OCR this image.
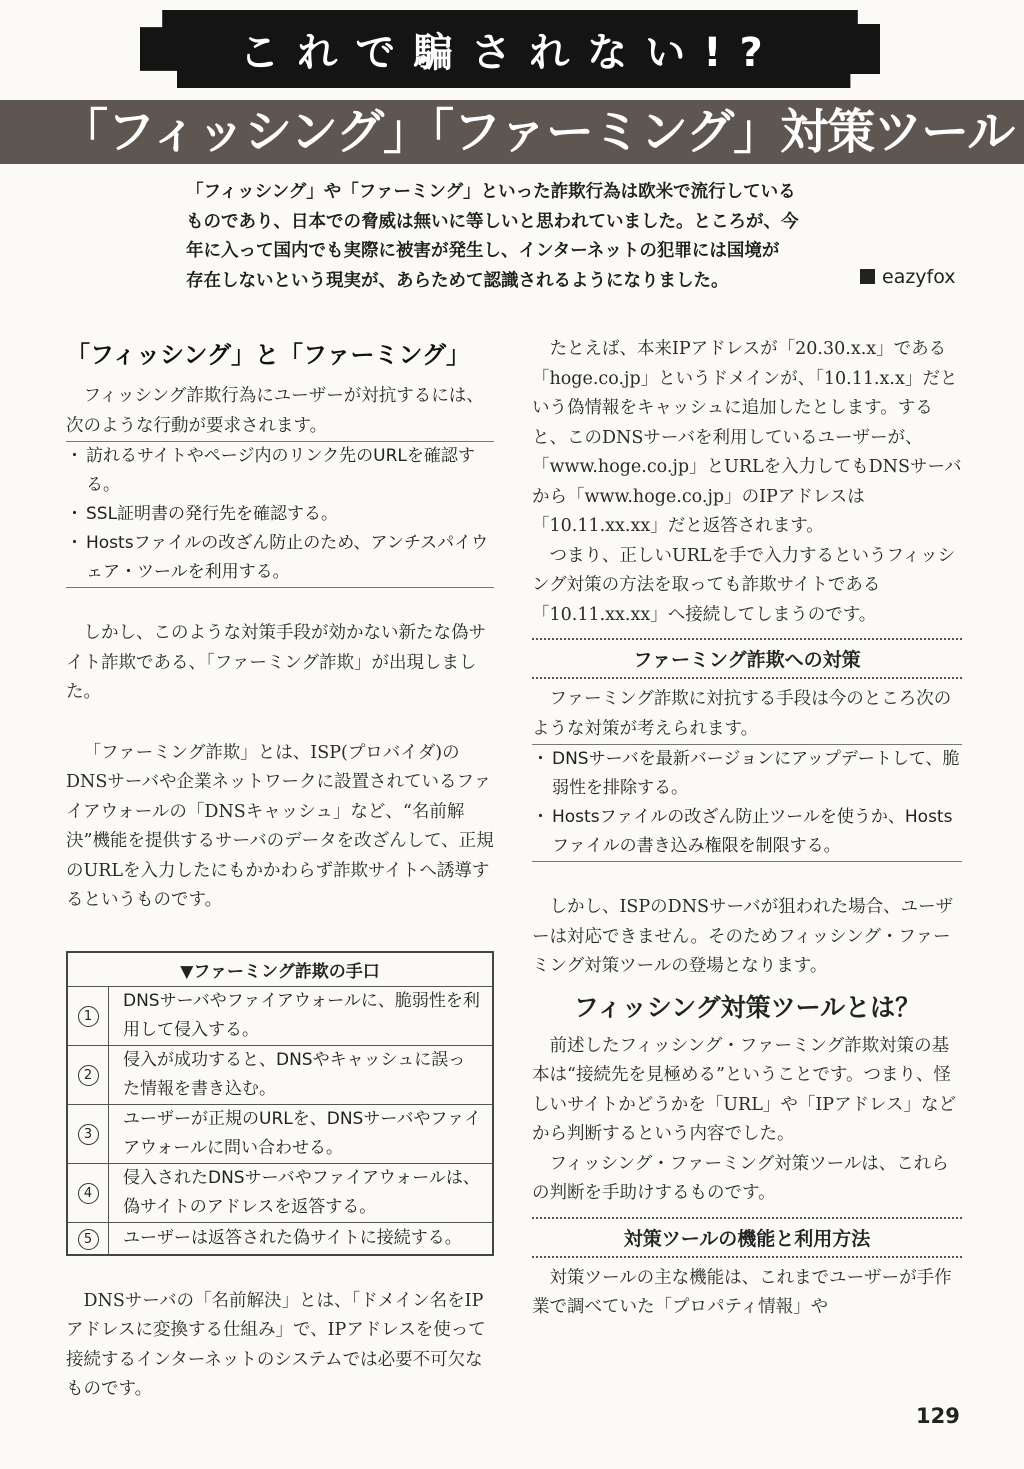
これで騙されない!?
「フィッシング」「ファーミング」対策ツール

「フィッシング」や「ファーミング」といった詐欺行為は欧米で流行している

ものであり、日本での脅威は無いに等しいと思われていました。ところが、今

年に入って国内でも実際に被害が発生し、インターネットの犯罪には国境が

存在しないという現実が、あらためて認識されるようになりました。	eazyfox
「フィッシング」と「ファーミング」

フィッシング詐欺行為にユーザーが対抗するには、次のような行動が要求されます。

・ 訪れるサイトやページ内のリンク先のURLを確認する。
・ SSL証明書の発行先を確認する。
・ Hostsファイルの改ざん防止のため、アンチスパイウェア・ツールを利用する。

しかし、このような対策手段が効かない新たな偽サイト詐欺である、「ファーミング詐欺」が出現しました。

「ファーミング詐欺」とは、ISP(プロバイダ)のDNSサーバや企業ネットワークに設置されているファイアウォールの「DNSキャッシュ」など、“名前解決”機能を提供するサーバのデータを改ざんして、正規のURLを入力したにもかかわらず詐欺サイトへ誘導するというものです。

▼ファーミング詐欺の手口	
1	DNSサーバやファイアウォールに、脆弱性を利用して侵入する。
2	侵入が成功すると、DNSやキャッシュに誤った情報を書き込む。
3	ユーザーが正規のURLを、DNSサーバやファイアウォールに問い合わせる。
4	侵入されたDNSサーバやファイアウォールは、偽サイトのアドレスを返答する。
5	ユーザーは返答された偽サイトに接続する。

DNSサーバの「名前解決」とは、「ドメイン名をIPアドレスに変換する仕組み」で、IPアドレスを使って接続するインターネットのシステムでは必要不可欠なものです。

たとえば、本来IPアドレスが「20.30.x.x」である「hoge.co.jp」というドメインが、「10.11.x.x」だという偽情報をキャッシュに追加したとします。すると、このDNSサーバを利用しているユーザーが、「www.hoge.co.jp」とURLを入力してもDNSサーバから「www.hoge.co.jp」のIPアドレスは「10.11.xx.xx」だと返答されます。

つまり、正しいURLを手で入力するというフィッシング対策の方法を取っても詐欺サイトである「10.11.xx.xx」へ接続してしまうのです。

ファーミング詐欺への対策

ファーミング詐欺に対抗する手段は今のところ次のような対策が考えられます。

・ DNSサーバを最新バージョンにアップデートして、脆弱性を排除する。
・ Hostsファイルの改ざん防止ツールを使うか、Hostsファイルの書き込み権限を制限する。

しかし、ISPのDNSサーバが狙われた場合、ユーザーは対応できません。そのためフィッシング・ファーミング対策ツールの登場となります。

フィッシング対策ツールとは？

前述したフィッシング・ファーミング詐欺対策の基本は“接続先を見極める”ということです。つまり、怪しいサイトかどうかを「URL」や「IPアドレス」などから判断するという内容でした。

フィッシング・ファーミング対策ツールは、これらの判断を手助けするものです。

対策ツールの機能と利用方法

対策ツールの主な機能は、これまでユーザーが手作業で調べていた「プロパティ情報」や

129
